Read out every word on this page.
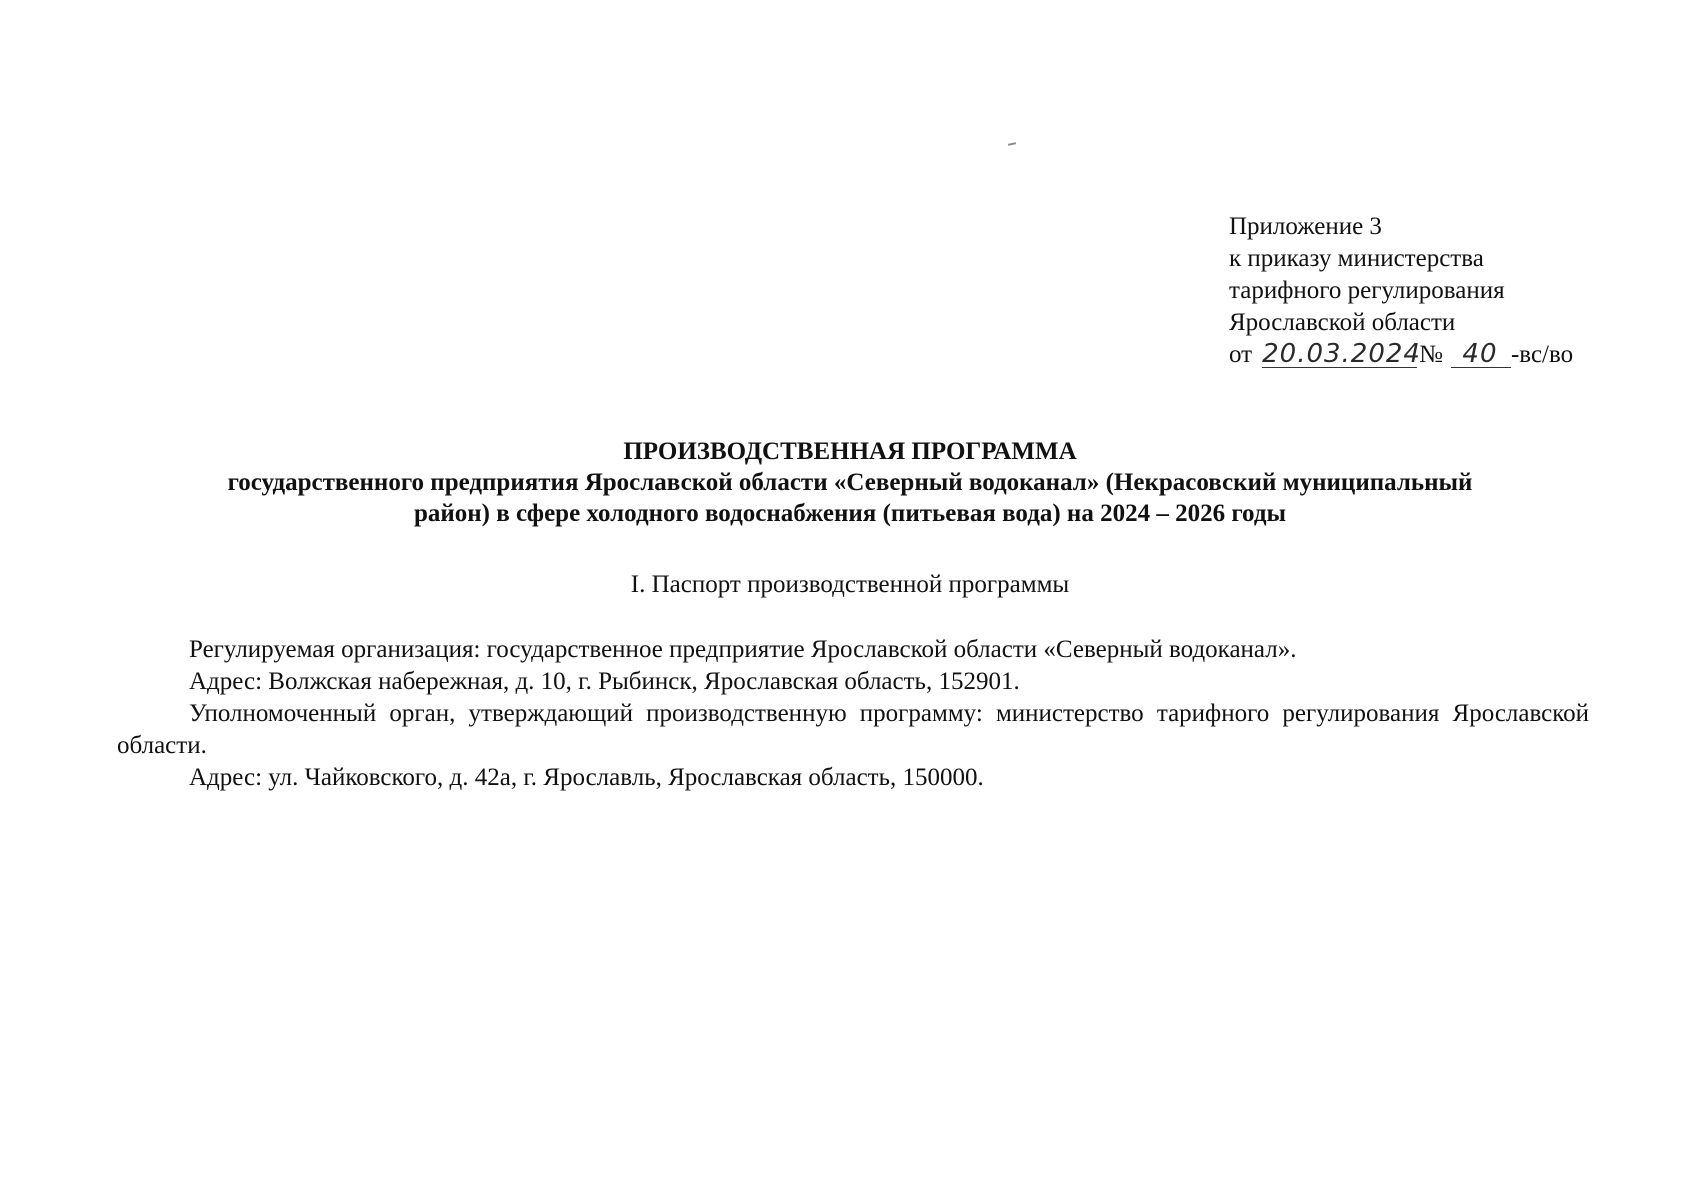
Приложение 3
к приказу министерства
тарифного регулирования
Ярославской области
от 20.03.2024№ 40 -вс/во
ПРОИЗВОДСТВЕННАЯ ПРОГРАММА
государственного предприятия Ярославской области «Северный водоканал» (Некрасовский муниципальный
район) в сфере холодного водоснабжения (питьевая вода) на 2024 – 2026 годы
I. Паспорт производственной программы

Регулируемая организация: государственное предприятие Ярославской области «Северный водоканал».

Адрес: Волжская набережная, д. 10, г. Рыбинск, Ярославская область, 152901.

Уполномоченный орган, утверждающий производственную программу: министерство тарифного регулирования Ярославской области.

Адрес: ул. Чайковского, д. 42а, г. Ярославль, Ярославская область, 150000.
